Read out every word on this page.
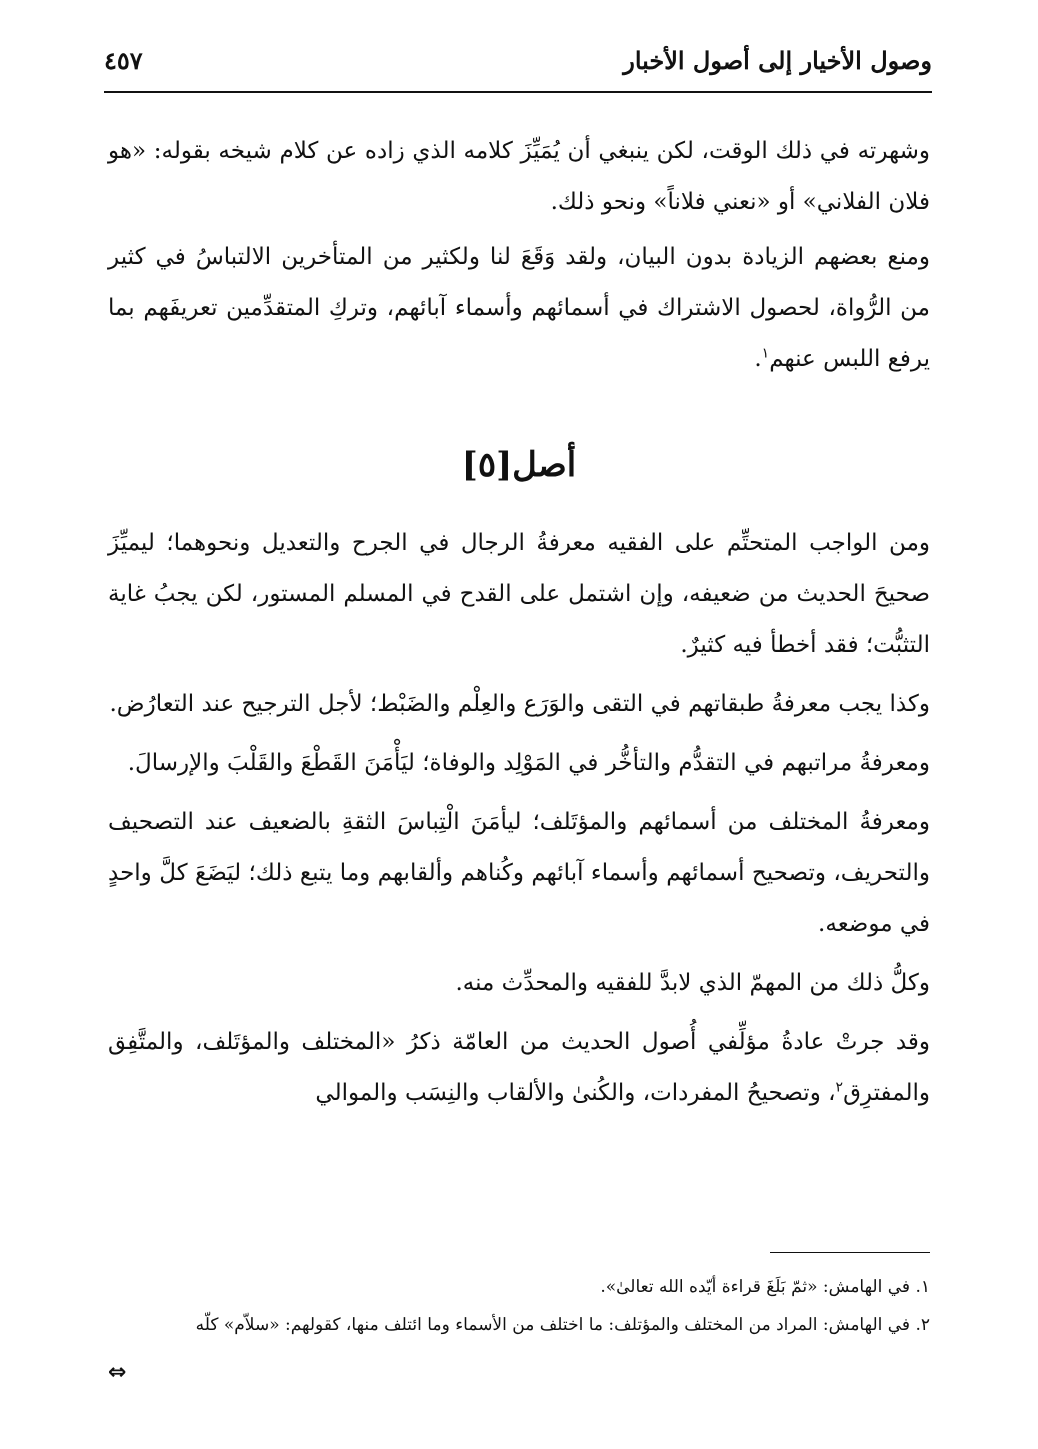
وصول الأخيار إلى أصول الأخبار
٤٥٧

وشهرته في ذلك الوقت، لكن ينبغي أن يُمَيِّزَ كلامه الذي زاده عن كلام شيخه بقوله: «هو فلان الفلاني» أو «نعني فلاناً» ونحو ذلك.

ومنع بعضهم الزيادة بدون البيان، ولقد وَقَعَ لنا ولكثير من المتأخرين الالتباسُ في كثير من الرُّواة، لحصول الاشتراك في أسمائهم وأسماء آبائهم، وتركِ المتقدِّمين تعريفَهم بما يرفع اللبس عنهم$^١$.

أصل[٥]

ومن الواجب المتحتِّم على الفقيه معرفةُ الرجال في الجرح والتعديل ونحوهما؛ ليميِّزَ صحيحَ الحديث من ضعيفه، وإن اشتمل على القدح في المسلم المستور، لكن يجبُ غاية التثبُّت؛ فقد أخطأ فيه كثيرٌ.

وكذا يجب معرفةُ طبقاتهم في التقى والوَرَع والعِلْم والضَبْط؛ لأجل الترجيح عند التعارُض.

ومعرفةُ مراتبهم في التقدُّم والتأخُّر في المَوْلِد والوفاة؛ ليَأْمَنَ القَطْعَ والقَلْبَ والإرسالَ.

ومعرفةُ المختلف من أسمائهم والمؤتَلف؛ ليأمَنَ الْتِباسَ الثقةِ بالضعيف عند التصحيف والتحريف، وتصحيح أسمائهم وأسماء آبائهم وكُناهم وألقابهم وما يتبع ذلك؛ ليَضَعَ كلَّ واحدٍ في موضعه.

وكلُّ ذلك من المهمّ الذي لابدَّ للفقيه والمحدِّث منه.

وقد جرتْ عادةُ مؤلِّفي أُصول الحديث من العامّة ذكرُ «المختلف والمؤتَلف، والمتَّفِق والمفترِق$^٢$، وتصحيحُ المفردات، والكُنىٰ والألقاب والنِسَب والموالي

١. في الهامش: «ثمّ بَلَغَ قراءة أيّده الله تعالىٰ».

٢. في الهامش: المراد من المختلف والمؤتلف: ما اختلف من الأسماء وما ائتلف منها، كقولهم: «سلاّم» كلّه

⇔
